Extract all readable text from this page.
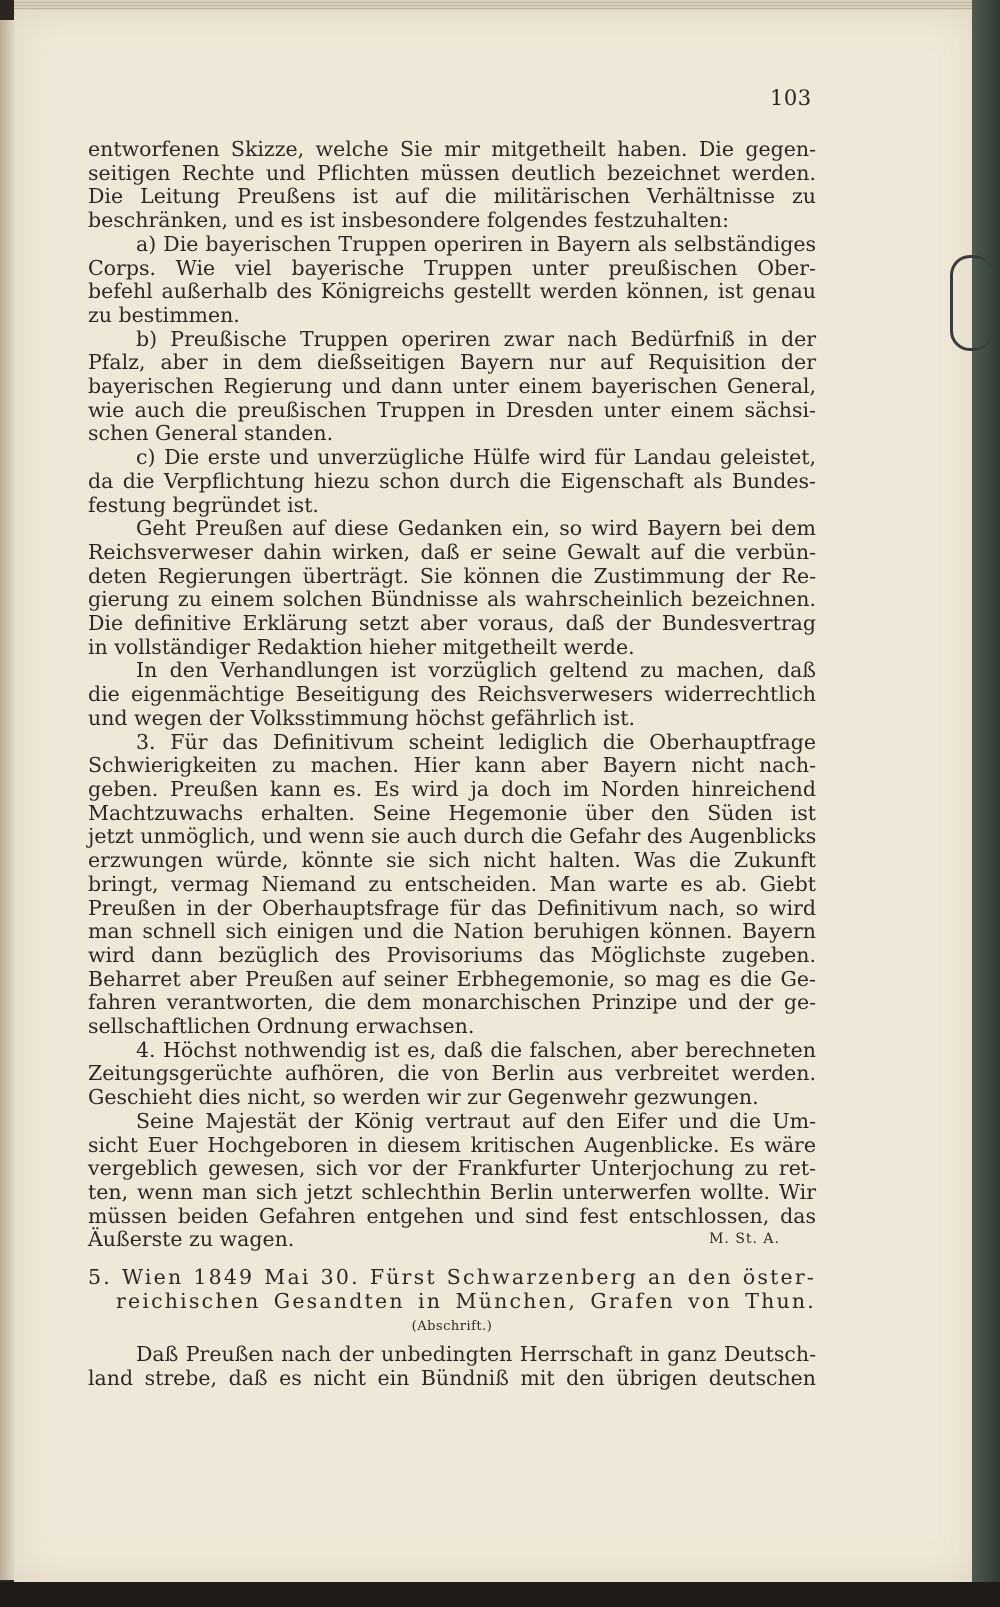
103
entworfenen Skizze, welche Sie mir mitgetheilt haben. Die gegen-
seitigen Rechte und Pflichten müssen deutlich bezeichnet werden.
Die Leitung Preußens ist auf die militärischen Verhältnisse zu
beschränken, und es ist insbesondere folgendes festzuhalten:
a) Die bayerischen Truppen operiren in Bayern als selbständiges
Corps. Wie viel bayerische Truppen unter preußischen Ober-
befehl außerhalb des Königreichs gestellt werden können, ist genau
zu bestimmen.
b) Preußische Truppen operiren zwar nach Bedürfniß in der
Pfalz, aber in dem dießseitigen Bayern nur auf Requisition der
bayerischen Regierung und dann unter einem bayerischen General,
wie auch die preußischen Truppen in Dresden unter einem sächsi-
schen General standen.
c) Die erste und unverzügliche Hülfe wird für Landau geleistet,
da die Verpflichtung hiezu schon durch die Eigenschaft als Bundes-
festung begründet ist.
Geht Preußen auf diese Gedanken ein, so wird Bayern bei dem
Reichsverweser dahin wirken, daß er seine Gewalt auf die verbün-
deten Regierungen überträgt. Sie können die Zustimmung der Re-
gierung zu einem solchen Bündnisse als wahrscheinlich bezeichnen.
Die definitive Erklärung setzt aber voraus, daß der Bundesvertrag
in vollständiger Redaktion hieher mitgetheilt werde.
In den Verhandlungen ist vorzüglich geltend zu machen, daß
die eigenmächtige Beseitigung des Reichsverwesers widerrechtlich
und wegen der Volksstimmung höchst gefährlich ist.
3. Für das Definitivum scheint lediglich die Oberhauptfrage
Schwierigkeiten zu machen. Hier kann aber Bayern nicht nach-
geben. Preußen kann es. Es wird ja doch im Norden hinreichend
Machtzuwachs erhalten. Seine Hegemonie über den Süden ist
jetzt unmöglich, und wenn sie auch durch die Gefahr des Augenblicks
erzwungen würde, könnte sie sich nicht halten. Was die Zukunft
bringt, vermag Niemand zu entscheiden. Man warte es ab. Giebt
Preußen in der Oberhauptsfrage für das Definitivum nach, so wird
man schnell sich einigen und die Nation beruhigen können. Bayern
wird dann bezüglich des Provisoriums das Möglichste zugeben.
Beharret aber Preußen auf seiner Erbhegemonie, so mag es die Ge-
fahren verantworten, die dem monarchischen Prinzipe und der ge-
sellschaftlichen Ordnung erwachsen.
4. Höchst nothwendig ist es, daß die falschen, aber berechneten
Zeitungsgerüchte aufhören, die von Berlin aus verbreitet werden.
Geschieht dies nicht, so werden wir zur Gegenwehr gezwungen.
Seine Majestät der König vertraut auf den Eifer und die Um-
sicht Euer Hochgeboren in diesem kritischen Augenblicke. Es wäre
vergeblich gewesen, sich vor der Frankfurter Unterjochung zu ret-
ten, wenn man sich jetzt schlechthin Berlin unterwerfen wollte. Wir
müssen beiden Gefahren entgehen und sind fest entschlossen, das
Äußerste zu wagen.	M. St. A.
5. Wien 1849 Mai 30. Fürst Schwarzenberg an den öster-
reichischen Gesandten in München, Grafen von Thun.
(Abschrift.)
Daß Preußen nach der unbedingten Herrschaft in ganz Deutsch-
land strebe, daß es nicht ein Bündniß mit den übrigen deutschen
